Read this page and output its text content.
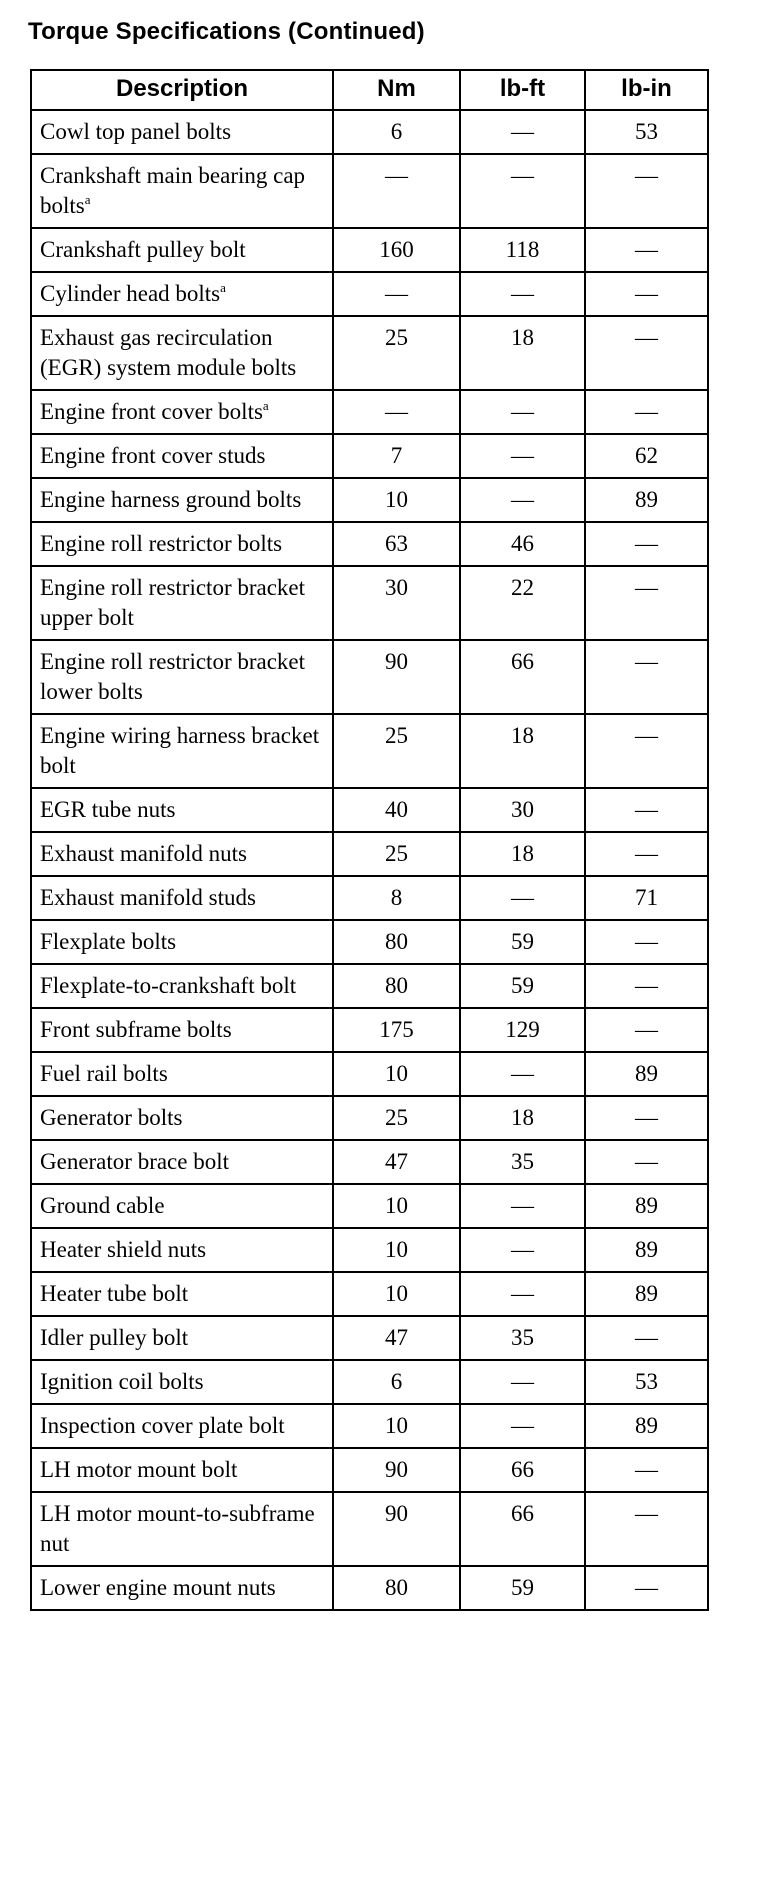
Torque Specifications (Continued)
Description	Nm	lb-ft	lb-in
Cowl top panel bolts	6	—	53
Crankshaft main bearing cap bolts$^a$	—	—	—
Crankshaft pulley bolt	160	118	—
Cylinder head bolts$^a$	—	—	—
Exhaust gas recirculation (EGR) system module bolts	25	18	—
Engine front cover bolts$^a$	—	—	—
Engine front cover studs	7	—	62
Engine harness ground bolts	10	—	89
Engine roll restrictor bolts	63	46	—
Engine roll restrictor bracket upper bolt	30	22	—
Engine roll restrictor bracket lower bolts	90	66	—
Engine wiring harness bracket bolt	25	18	—
EGR tube nuts	40	30	—
Exhaust manifold nuts	25	18	—
Exhaust manifold studs	8	—	71
Flexplate bolts	80	59	—
Flexplate-to-crankshaft bolt	80	59	—
Front subframe bolts	175	129	—
Fuel rail bolts	10	—	89
Generator bolts	25	18	—
Generator brace bolt	47	35	—
Ground cable	10	—	89
Heater shield nuts	10	—	89
Heater tube bolt	10	—	89
Idler pulley bolt	47	35	—
Ignition coil bolts	6	—	53
Inspection cover plate bolt	10	—	89
LH motor mount bolt	90	66	—
LH motor mount-to-subframe nut	90	66	—
Lower engine mount nuts	80	59	—
